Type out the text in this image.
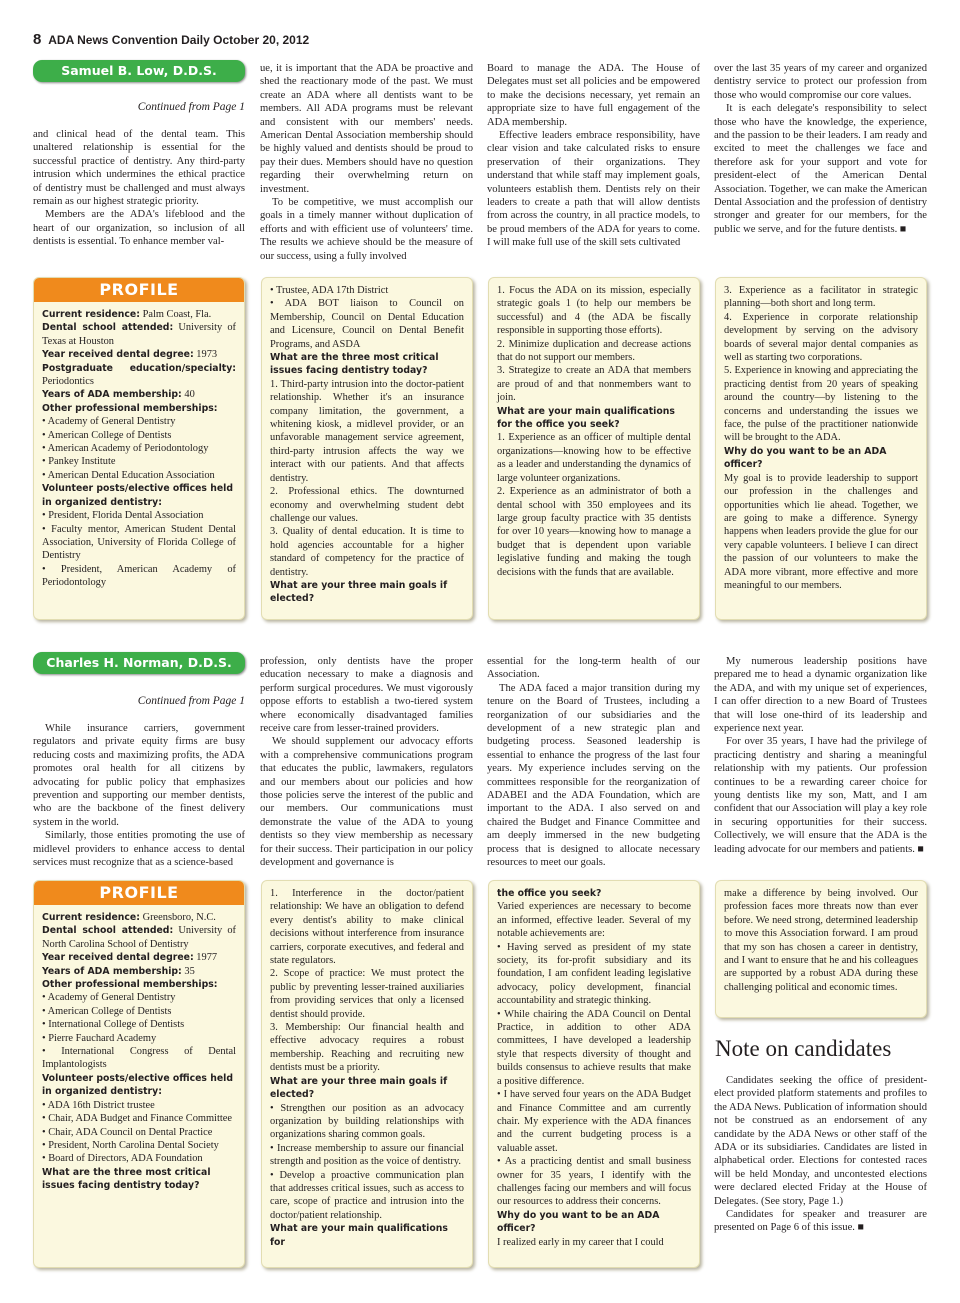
8 ADA News Convention Daily October 20, 2012
Samuel B. Low, D.D.S.
Continued from Page 1

and clinical head of the dental team. This unaltered relationship is essential for the successful practice of dentistry. Any third-party intrusion which undermines the ethical practice of dentistry must be challenged and must always remain as our highest strategic priority.

Members are the ADA's lifeblood and the heart of our organization, so inclusion of all dentists is essential. To enhance member val-

ue, it is important that the ADA be proactive and shed the reactionary mode of the past. We must create an ADA where all dentists want to be members. All ADA programs must be relevant and consistent with our members' needs. American Dental Association membership should be highly valued and dentists should be proud to pay their dues. Members should have no question regarding their overwhelming return on investment.

To be competitive, we must accomplish our goals in a timely manner without duplication of efforts and with efficient use of volunteers' time. The results we achieve should be the measure of our success, using a fully involved

Board to manage the ADA. The House of Delegates must set all policies and be empowered to make the decisions necessary, yet remain an appropriate size to have full engagement of the ADA membership.

Effective leaders embrace responsibility, have clear vision and take calculated risks to ensure preservation of their organizations. They understand that while staff may implement goals, volunteers establish them. Dentists rely on their leaders to create a path that will allow dentists from across the country, in all practice models, to be proud members of the ADA for years to come. I will make full use of the skill sets cultivated

over the last 35 years of my career and organized dentistry service to protect our profession from those who would compromise our core values.

It is each delegate's responsibility to select those who have the knowledge, the experience, and the passion to be their leaders. I am ready and excited to meet the challenges we face and therefore ask for your support and vote for president-elect of the American Dental Association. Together, we can make the American Dental Association and the profession of dentistry stronger and greater for our members, for the public we serve, and for the future dentists. ■

PROFILE

Current residence: Palm Coast, Fla.

Dental school attended: University of Texas at Houston

Year received dental degree: 1973

Postgraduate education/specialty: Periodontics

Years of ADA membership: 40

Other professional memberships:

• Academy of General Dentistry

• American College of Dentists

• American Academy of Periodontology

• Pankey Institute

• American Dental Education Association

Volunteer posts/elective offices held in organized dentistry:

• President, Florida Dental Association

• Faculty mentor, American Student Dental Association, University of Florida College of Dentistry

• President, American Academy of Periodontology

• Trustee, ADA 17th District

• ADA BOT liaison to Council on Membership, Council on Dental Education and Licensure, Council on Dental Benefit Programs, and ASDA

What are the three most critical issues facing dentistry today?

1. Third-party intrusion into the doctor-patient relationship. Whether it's an insurance company limitation, the government, a whitening kiosk, a midlevel provider, or an unfavorable management service agreement, third-party intrusion affects the way we interact with our patients. And that affects dentistry.

2. Professional ethics. The downturned economy and overwhelming student debt challenge our values.

3. Quality of dental education. It is time to hold agencies accountable for a higher standard of competency for the practice of dentistry.

What are your three main goals if elected?

1. Focus the ADA on its mission, especially strategic goals 1 (to help our members be successful) and 4 (the ADA be fiscally responsible in supporting those efforts).

2. Minimize duplication and decrease actions that do not support our members.

3. Strategize to create an ADA that members are proud of and that nonmembers want to join.

What are your main qualifications for the office you seek?

1. Experience as an officer of multiple dental organizations—knowing how to be effective as a leader and understanding the dynamics of large volunteer organizations.

2. Experience as an administrator of both a dental school with 350 employees and its large group faculty practice with 35 dentists for over 10 years—knowing how to manage a budget that is dependent upon variable legislative funding and making the tough decisions with the funds that are available.

3. Experience as a facilitator in strategic planning—both short and long term.

4. Experience in corporate relationship development by serving on the advisory boards of several major dental companies as well as starting two corporations.

5. Experience in knowing and appreciating the practicing dentist from 20 years of speaking around the country—by listening to the concerns and understanding the issues we face, the pulse of the practitioner nationwide will be brought to the ADA.

Why do you want to be an ADA officer?

My goal is to provide leadership to support our profession in the challenges and opportunities which lie ahead. Together, we are going to make a difference. Synergy happens when leaders provide the glue for our very capable volunteers. I believe I can direct the passion of our volunteers to make the ADA more vibrant, more effective and more meaningful to our members.

Charles H. Norman, D.D.S.
Continued from Page 1

While insurance carriers, government regulators and private equity firms are busy reducing costs and maximizing profits, the ADA promotes oral health for all citizens by advocating for public policy that emphasizes prevention and supporting our member dentists, who are the backbone of the finest delivery system in the world.

Similarly, those entities promoting the use of midlevel providers to enhance access to dental services must recognize that as a science-based

profession, only dentists have the proper education necessary to make a diagnosis and perform surgical procedures. We must vigorously oppose efforts to establish a two-tiered system where economically disadvantaged families receive care from lesser-trained providers.

We should supplement our advocacy efforts with a comprehensive communications program that educates the public, lawmakers, regulators and our members about our policies and how those policies serve the interest of the public and our members. Our communications must demonstrate the value of the ADA to young dentists so they view membership as necessary for their success. Their participation in our policy development and governance is

essential for the long-term health of our Association.

The ADA faced a major transition during my tenure on the Board of Trustees, including a reorganization of our subsidiaries and the development of a new strategic plan and budgeting process. Seasoned leadership is essential to enhance the progress of the last four years. My experience includes serving on the committees responsible for the reorganization of ADABEI and the ADA Foundation, which are important to the ADA. I also served on and chaired the Budget and Finance Committee and am deeply immersed in the new budgeting process that is designed to allocate necessary resources to meet our goals.

My numerous leadership positions have prepared me to head a dynamic organization like the ADA, and with my unique set of experiences, I can offer direction to a new Board of Trustees that will lose one-third of its leadership and experience next year.

For over 35 years, I have had the privilege of practicing dentistry and sharing a meaningful relationship with my patients. Our profession continues to be a rewarding career choice for young dentists like my son, Matt, and I am confident that our Association will play a key role in securing opportunities for their success. Collectively, we will ensure that the ADA is the leading advocate for our members and patients. ■

PROFILE

Current residence: Greensboro, N.C.

Dental school attended: University of North Carolina School of Dentistry

Year received dental degree: 1977

Years of ADA membership: 35

Other professional memberships:

• Academy of General Dentistry

• American College of Dentists

• International College of Dentists

• Pierre Fauchard Academy

• International Congress of Dental Implantologists

Volunteer posts/elective offices held in organized dentistry:

• ADA 16th District trustee

• Chair, ADA Budget and Finance Committee

• Chair, ADA Council on Dental Practice

• President, North Carolina Dental Society

• Board of Directors, ADA Foundation

What are the three most critical issues facing dentistry today?

1. Interference in the doctor/patient relationship: We have an obligation to defend every dentist's ability to make clinical decisions without interference from insurance carriers, corporate executives, and federal and state regulators.

2. Scope of practice: We must protect the public by preventing lesser-trained auxiliaries from providing services that only a licensed dentist should provide.

3. Membership: Our financial health and effective advocacy requires a robust membership. Reaching and recruiting new dentists must be a priority.

What are your three main goals if elected?

• Strengthen our position as an advocacy organization by building relationships with organizations sharing common goals.

• Increase membership to assure our financial strength and position as the voice of dentistry.

• Develop a proactive communication plan that addresses critical issues, such as access to care, scope of practice and intrusion into the doctor/patient relationship.

What are your main qualifications for

the office you seek?

Varied experiences are necessary to become an informed, effective leader. Several of my notable achievements are:

• Having served as president of my state society, its for-profit subsidiary and its foundation, I am confident leading legislative advocacy, policy development, financial accountability and strategic thinking.

• While chairing the ADA Council on Dental Practice, in addition to other ADA committees, I have developed a leadership style that respects diversity of thought and builds consensus to achieve results that make a positive difference.

• I have served four years on the ADA Budget and Finance Committee and am currently chair. My experience with the ADA finances and the current budgeting process is a valuable asset.

• As a practicing dentist and small business owner for 35 years, I identify with the challenges facing our members and will focus our resources to address their concerns.

Why do you want to be an ADA officer?

I realized early in my career that I could

make a difference by being involved. Our profession faces more threats now than ever before. We need strong, determined leadership to move this Association forward. I am proud that my son has chosen a career in dentistry, and I want to ensure that he and his colleagues are supported by a robust ADA during these challenging political and economic times.

Note on candidates

Candidates seeking the office of president-elect provided platform statements and profiles to the ADA News. Publication of information should not be construed as an endorsement of any candidate by the ADA News or other staff of the ADA or its subsidiaries. Candidates are listed in alphabetical order. Elections for contested races will be held Monday, and uncontested elections were declared elected Friday at the House of Delegates. (See story, Page 1.)

Candidates for speaker and treasurer are presented on Page 6 of this issue. ■
